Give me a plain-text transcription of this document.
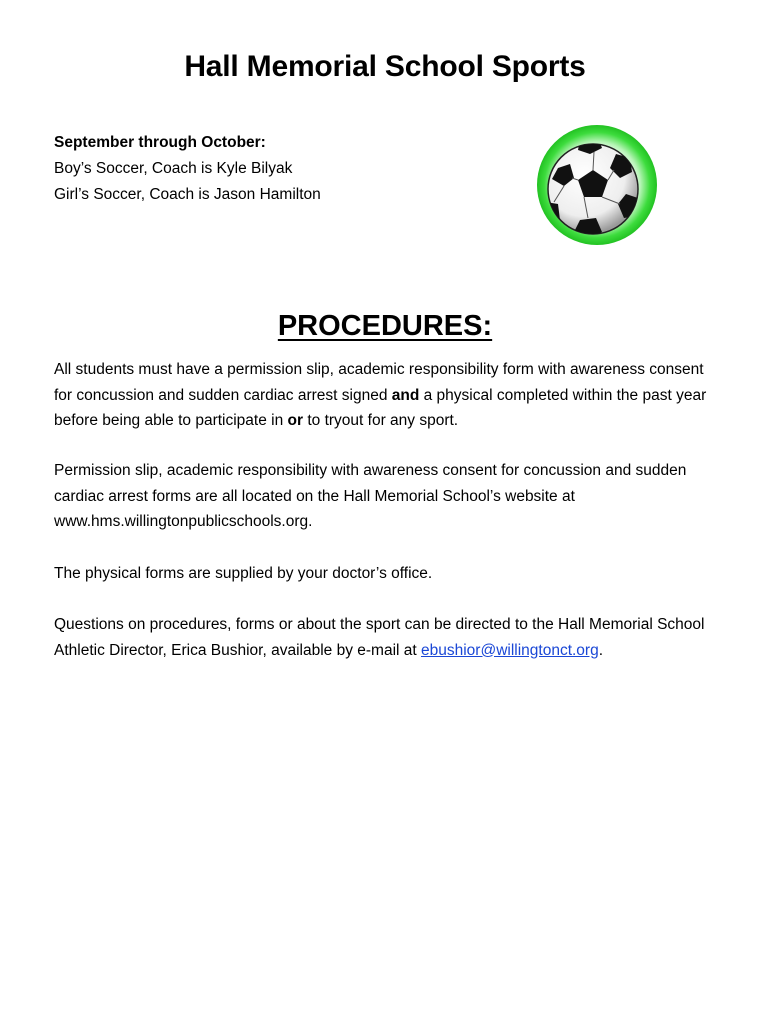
Hall Memorial School Sports
September through October:
Boy’s Soccer, Coach is Kyle Bilyak
Girl’s Soccer, Coach is Jason Hamilton
PROCEDURES:

All students must have a permission slip, academic responsibility form with awareness consent for concussion and sudden cardiac arrest signed and a physical completed within the past year before being able to participate in or to tryout for any sport.

Permission slip, academic responsibility with awareness consent for concussion and sudden cardiac arrest forms are all located on the Hall Memorial School’s website at www.hms.willingtonpublicschools.org.

The physical forms are supplied by your doctor’s office.

Questions on procedures, forms or about the sport can be directed to the Hall Memorial School Athletic Director, Erica Bushior, available by e-mail at ebushior@willingtonct.org.
